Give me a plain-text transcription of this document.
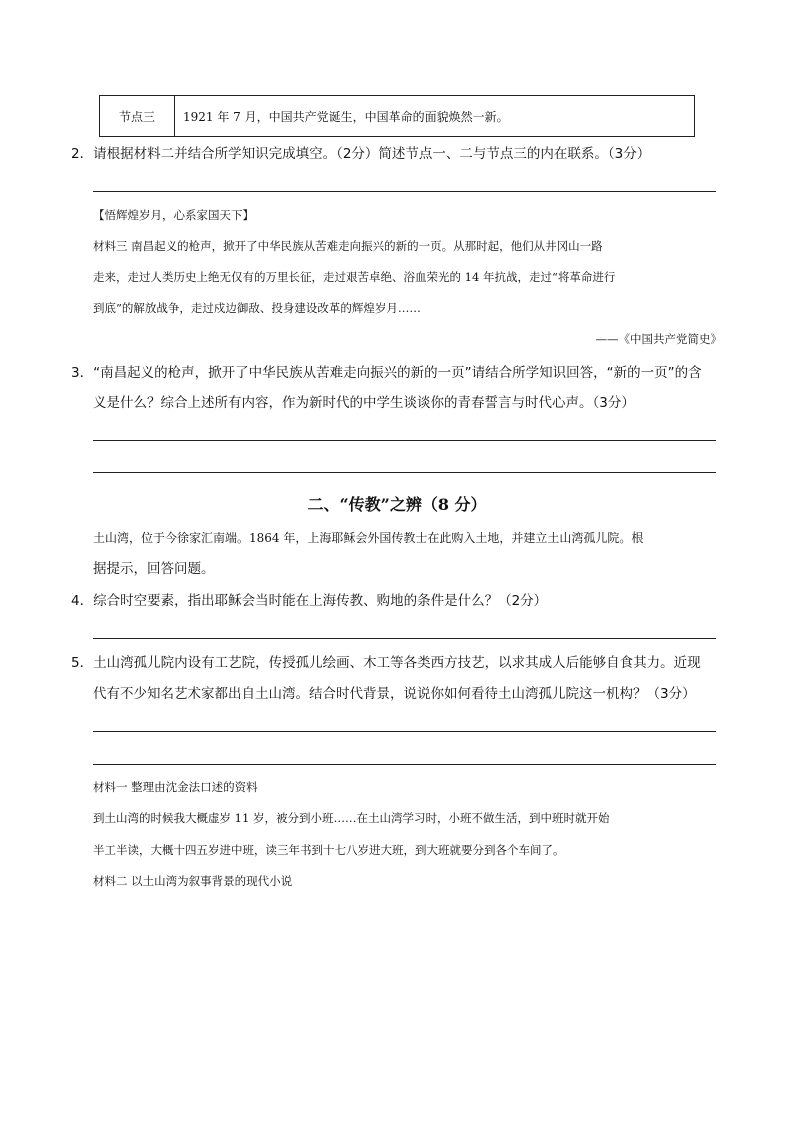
节点三	1921 年 7 月，中国共产党诞生，中国革命的面貌焕然一新。
2．请根据材料二并结合所学知识完成填空。（2分）简述节点一、二与节点三的内在联系。（3分）
【悟辉煌岁月，心系家国天下】
材料三 南昌起义的枪声，掀开了中华民族从苦难走向振兴的新的一页。从那时起，他们从井冈山一路
走来，走过人类历史上绝无仅有的万里长征，走过艰苦卓绝、浴血荣光的 14 年抗战，走过“将革命进行
到底”的解放战争，走过戍边御敌、投身建设改革的辉煌岁月……
——《中国共产党简史》
3．“南昌起义的枪声，掀开了中华民族从苦难走向振兴的新的一页”请结合所学知识回答，“新的一页”的含
义是什么？综合上述所有内容，作为新时代的中学生谈谈你的青春誓言与时代心声。（3分）
二、“传教”之辨（8 分）
土山湾，位于今徐家汇南端。1864 年，上海耶稣会外国传教士在此购入土地，并建立土山湾孤儿院。根
据提示，回答问题。
4．综合时空要素，指出耶稣会当时能在上海传教、购地的条件是什么？（2分）
5．土山湾孤儿院内设有工艺院，传授孤儿绘画、木工等各类西方技艺，以求其成人后能够自食其力。近现
代有不少知名艺术家都出自土山湾。结合时代背景，说说你如何看待土山湾孤儿院这一机构？（3分）
材料一 整理由沈金法口述的资料
到土山湾的时候我大概虚岁 11 岁，被分到小班……在土山湾学习时，小班不做生活，到中班时就开始
半工半读，大概十四五岁进中班，读三年书到十七八岁进大班，到大班就要分到各个车间了。
材料二 以土山湾为叙事背景的现代小说
